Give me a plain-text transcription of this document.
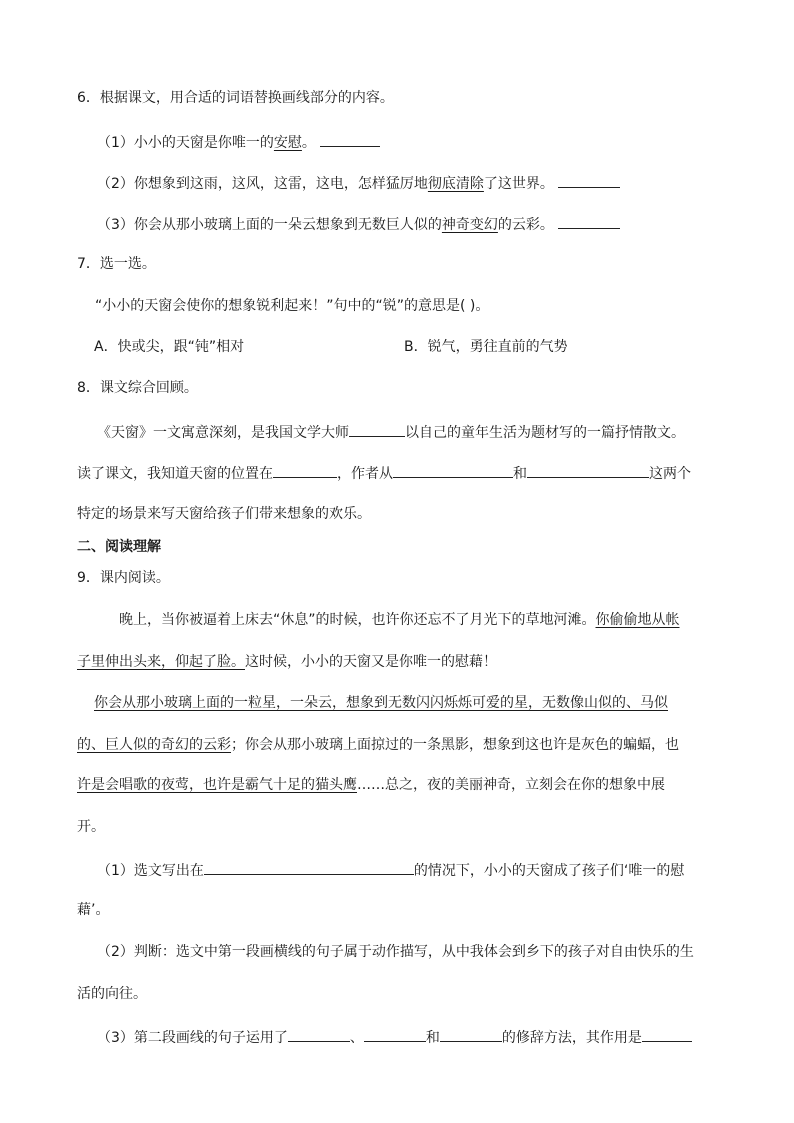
6．根据课文，用合适的词语替换画线部分的内容。
（1）小小的天窗是你唯一的安慰。
（2）你想象到这雨，这风，这雷，这电，怎样猛厉地彻底清除了这世界。
（3）你会从那小玻璃上面的一朵云想象到无数巨人似的神奇变幻的云彩。
7．选一选。
“小小的天窗会使你的想象锐利起来！”句中的“锐”的意思是( )。
A．快或尖，跟“钝”相对	B．锐气，勇往直前的气势
8．课文综合回顾。
《天窗》一文寓意深刻，是我国文学大师	以自己的童年生活为题材写的一篇抒情散文。
读了课文，我知道天窗的位置在	，作者从	和	这两个
特定的场景来写天窗给孩子们带来想象的欢乐。
二、阅读理解
9．课内阅读。
晚上，当你被逼着上床去“休息”的时候，也许你还忘不了月光下的草地河滩。你偷偷地从帐
子里伸出头来，仰起了脸。这时候，小小的天窗又是你唯一的慰藉！
你会从那小玻璃上面的一粒星，一朵云，想象到无数闪闪烁烁可爱的星，无数像山似的、马似
的、巨人似的奇幻的云彩；你会从那小玻璃上面掠过的一条黑影，想象到这也许是灰色的蝙蝠，也
许是会唱歌的夜莺，也许是霸气十足的猫头鹰……总之，夜的美丽神奇，立刻会在你的想象中展
开。
（1）选文写出在	的情况下，小小的天窗成了孩子们‘唯一的慰
藉’。
（2）判断：选文中第一段画横线的句子属于动作描写，从中我体会到乡下的孩子对自由快乐的生
活的向往。
（3）第二段画线的句子运用了	、	和	的修辞方法，其作用是
